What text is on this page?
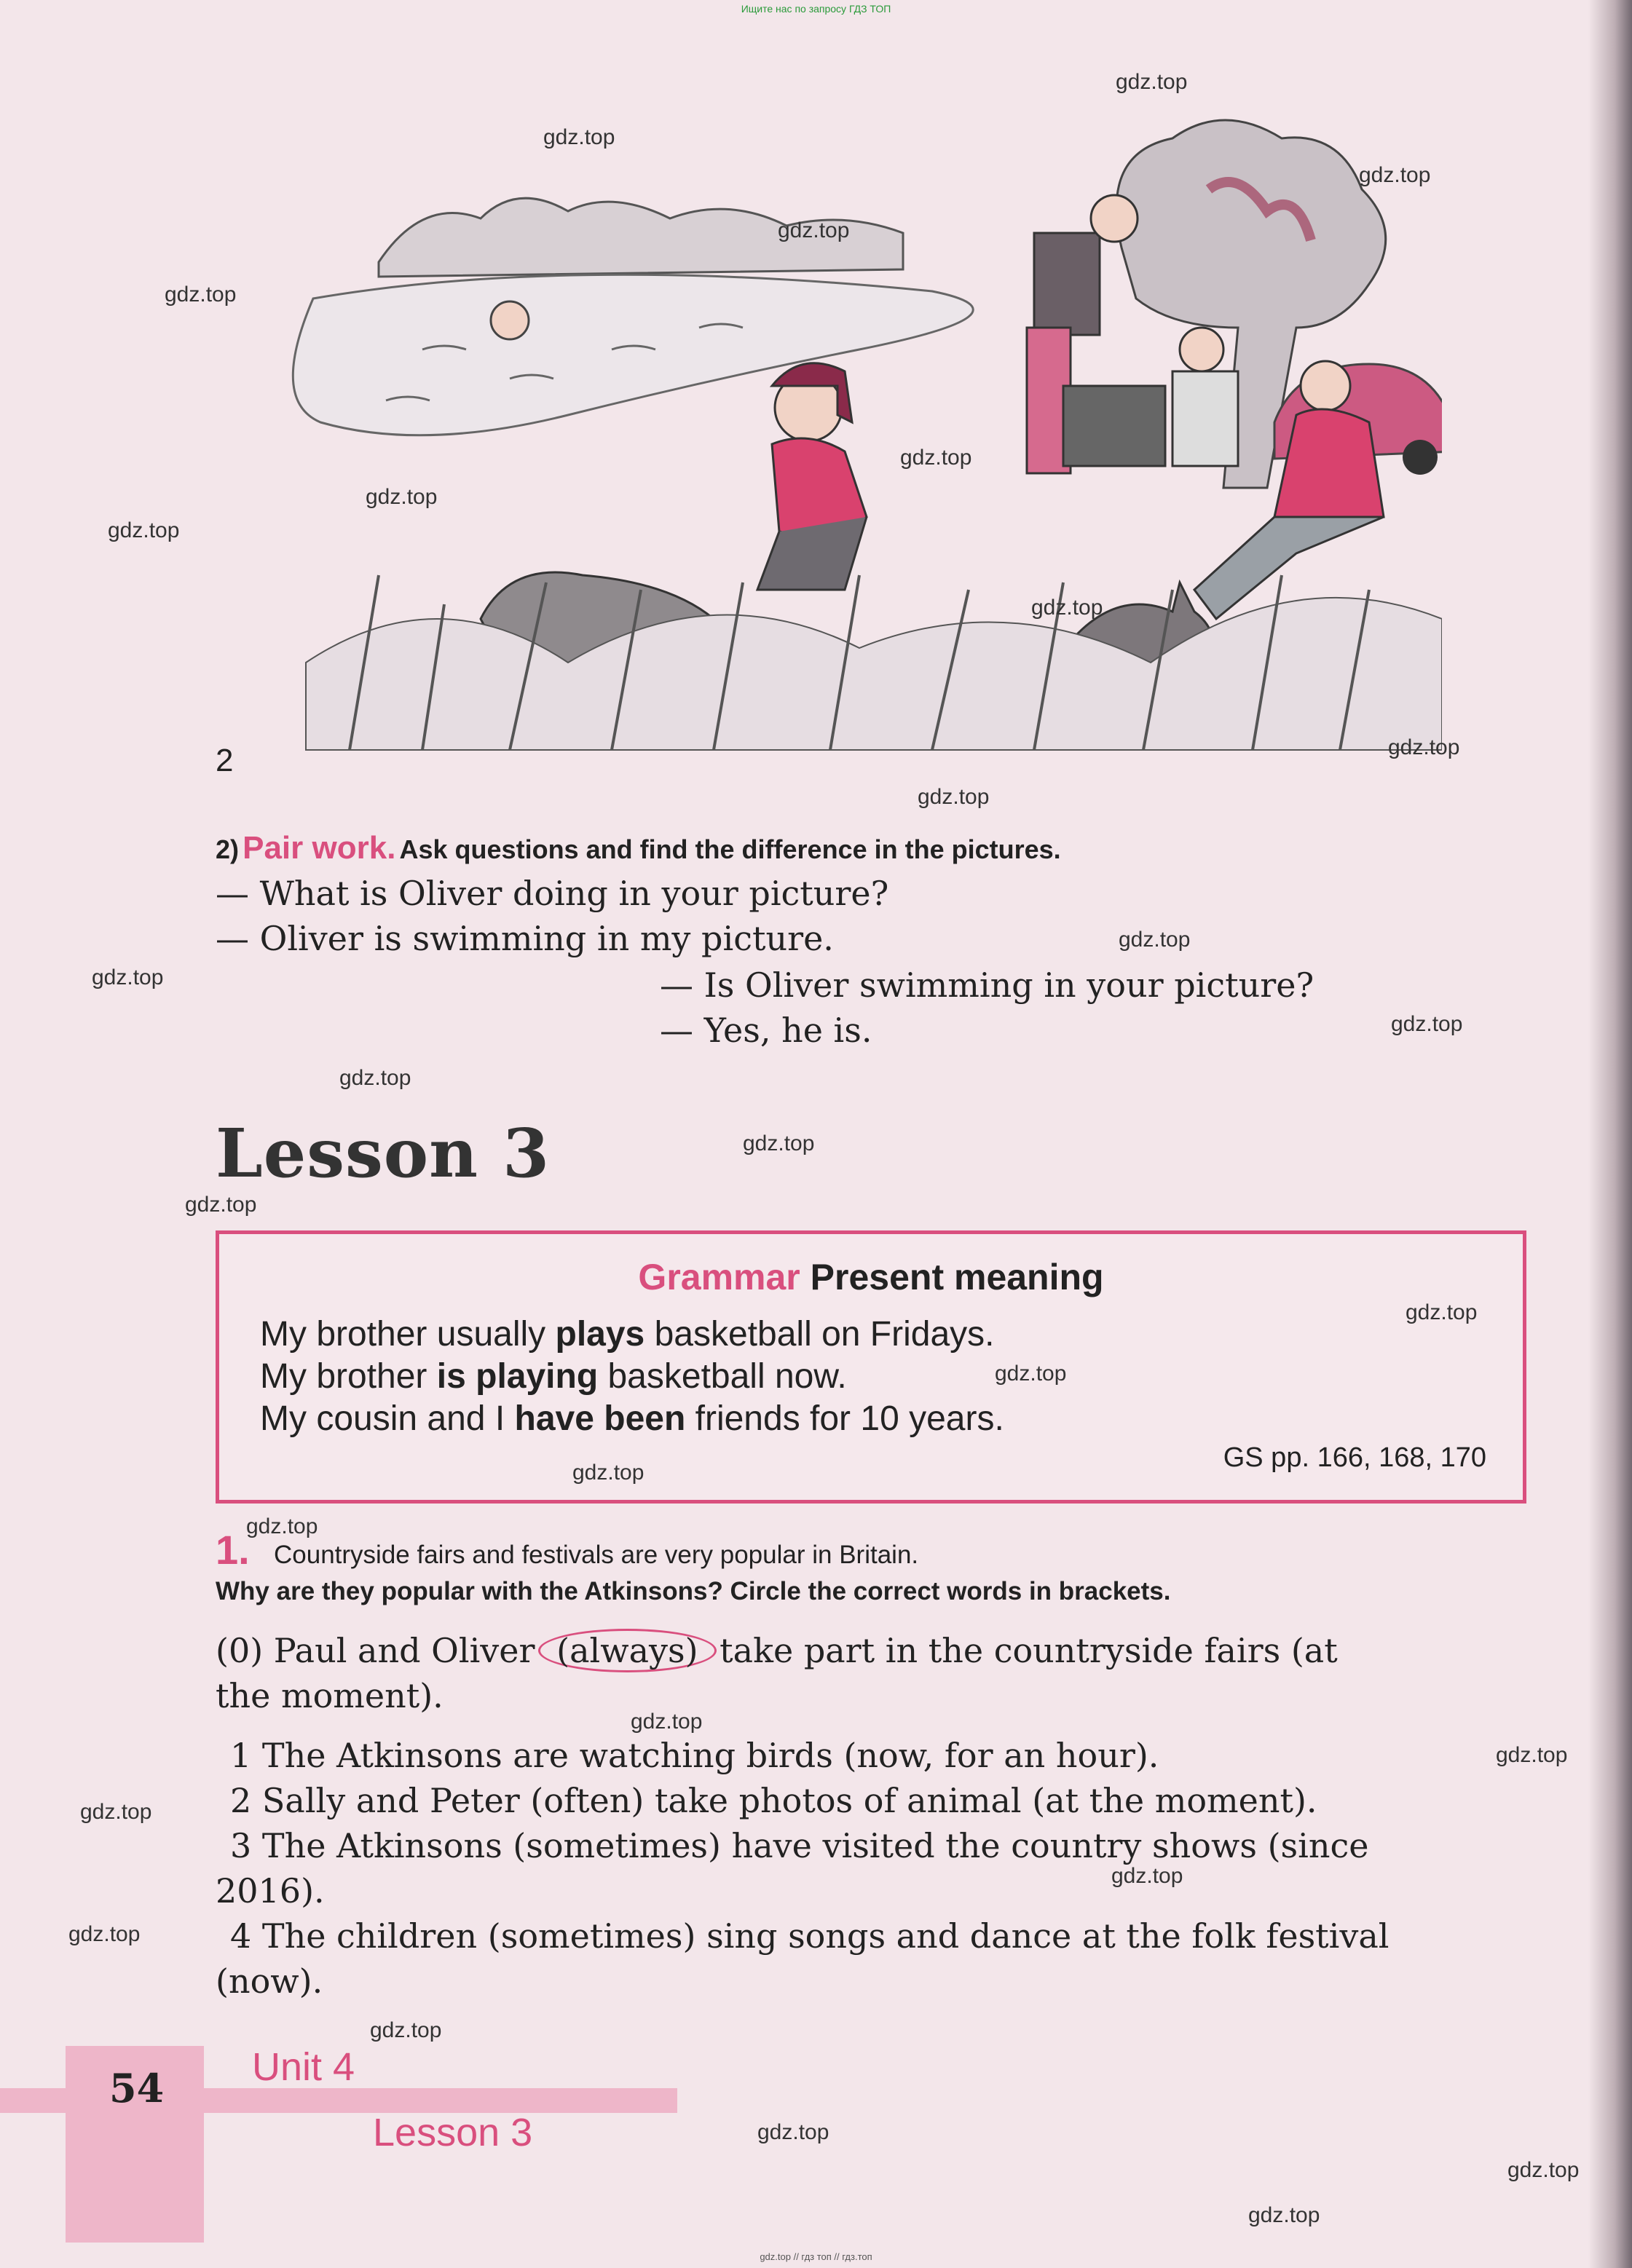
Ищите нас по запросу ГДЗ ТОП
2
2) Pair work. Ask questions and find the difference in the pictures.
— What is Oliver doing in your picture?
— Oliver is swimming in my picture.
— Is Oliver swimming in your picture?
— Yes, he is.
Lesson 3
Grammar Present meaning
My brother usually plays basketball on Fridays.
My brother is playing basketball now.
My cousin and I have been friends for 10 years.
GS pp. 166, 168, 170
1. Countryside fairs and festivals are very popular in Britain.
Why are they popular with the Atkinsons? Circle the correct words in brackets.
(0) Paul and Oliver (always) take part in the countryside fairs (at
the moment).
1 The Atkinsons are watching birds (now, for an hour).
2 Sally and Peter (often) take photos of animal (at the moment).
3 The Atkinsons (sometimes) have visited the country shows (since
2016).
4 The children (sometimes) sing songs and dance at the folk festival
(now).
54 Unit 4
Lesson 3
gdz.top
gdz.top
gdz.top
gdz.top
gdz.top
gdz.top
gdz.top
gdz.top
gdz.top
gdz.top
gdz.top
gdz.top
gdz.top
gdz.top
gdz.top
gdz.top
gdz.top
gdz.top
gdz.top
gdz.top
gdz.top
gdz.top
gdz.top
gdz.top
gdz.top
gdz.top
gdz.top
gdz.top
gdz.top
gdz.top
gdz.top // гдз топ // гдз.топ
